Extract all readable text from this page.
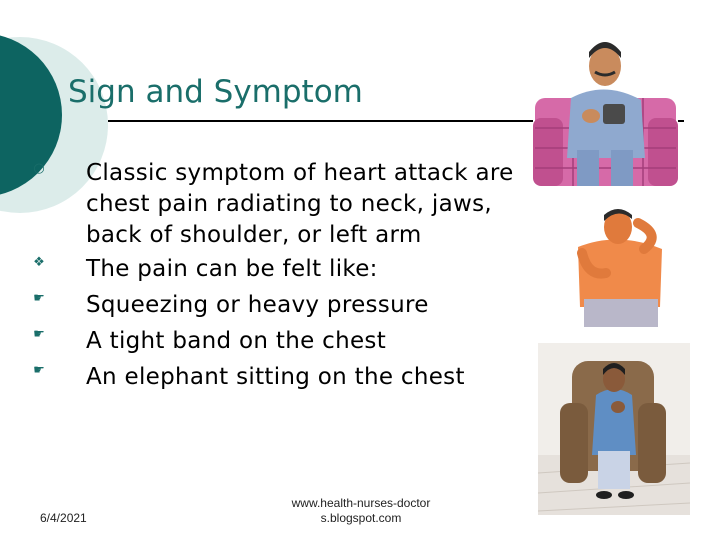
Sign and Symptom
○ Classic symptom of heart attack are chest pain radiating to neck, jaws, back of shoulder, or left arm
❖ The pain can be felt like:
☛ Squeezing or heavy pressure
☛ A tight band on the chest
☛ An elephant sitting on the chest
6/4/2021
www.health-nurses-doctors.blogspot.com
